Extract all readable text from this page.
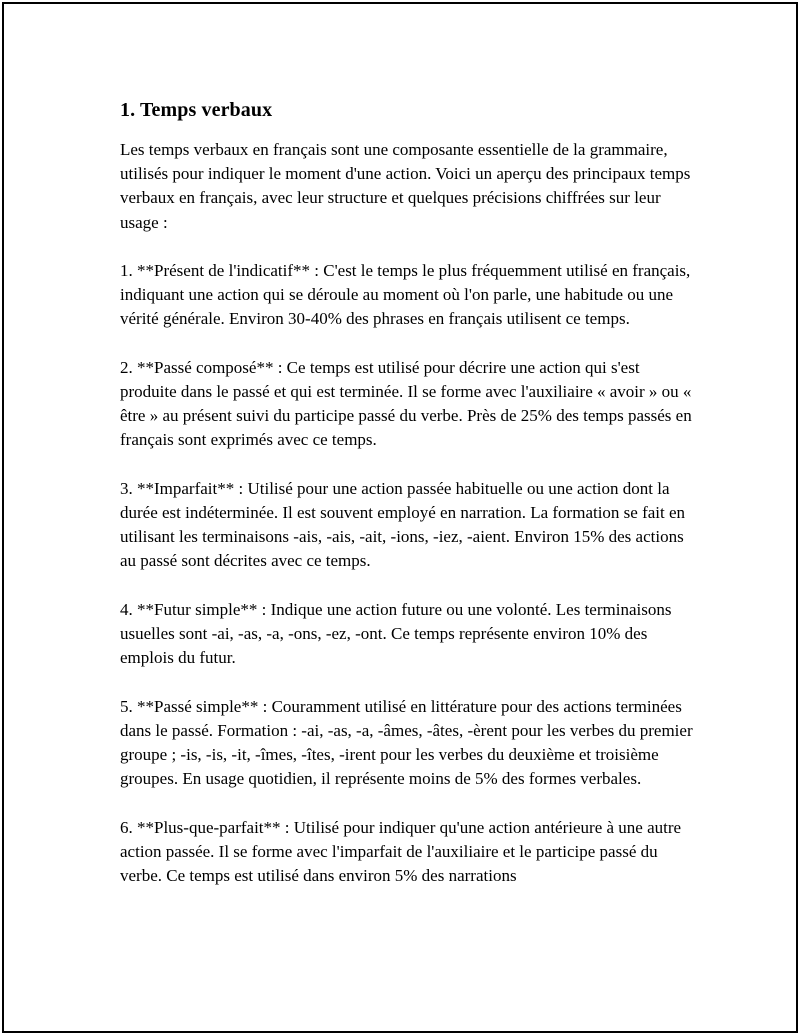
1. Temps verbaux

Les temps verbaux en français sont une composante essentielle de la grammaire, utilisés pour indiquer le moment d'une action. Voici un aperçu des principaux temps verbaux en français, avec leur structure et quelques précisions chiffrées sur leur usage :

1. **Présent de l'indicatif** : C'est le temps le plus fréquemment utilisé en français, indiquant une action qui se déroule au moment où l'on parle, une habitude ou une vérité générale. Environ 30-40% des phrases en français utilisent ce temps.

2. **Passé composé** : Ce temps est utilisé pour décrire une action qui s'est produite dans le passé et qui est terminée. Il se forme avec l'auxiliaire « avoir » ou « être » au présent suivi du participe passé du verbe. Près de 25% des temps passés en français sont exprimés avec ce temps.

3. **Imparfait** : Utilisé pour une action passée habituelle ou une action dont la durée est indéterminée. Il est souvent employé en narration. La formation se fait en utilisant les terminaisons -ais, -ais, -ait, -ions, -iez, -aient. Environ 15% des actions au passé sont décrites avec ce temps.

4. **Futur simple** : Indique une action future ou une volonté. Les terminaisons usuelles sont -ai, -as, -a, -ons, -ez, -ont. Ce temps représente environ 10% des emplois du futur.

5. **Passé simple** : Couramment utilisé en littérature pour des actions terminées dans le passé. Formation : -ai, -as, -a, -âmes, -âtes, -èrent pour les verbes du premier groupe ; -is, -is, -it, -îmes, -îtes, -irent pour les verbes du deuxième et troisième groupes. En usage quotidien, il représente moins de 5% des formes verbales.

6. **Plus-que-parfait** : Utilisé pour indiquer qu'une action antérieure à une autre action passée. Il se forme avec l'imparfait de l'auxiliaire et le participe passé du verbe. Ce temps est utilisé dans environ 5% des narrations
